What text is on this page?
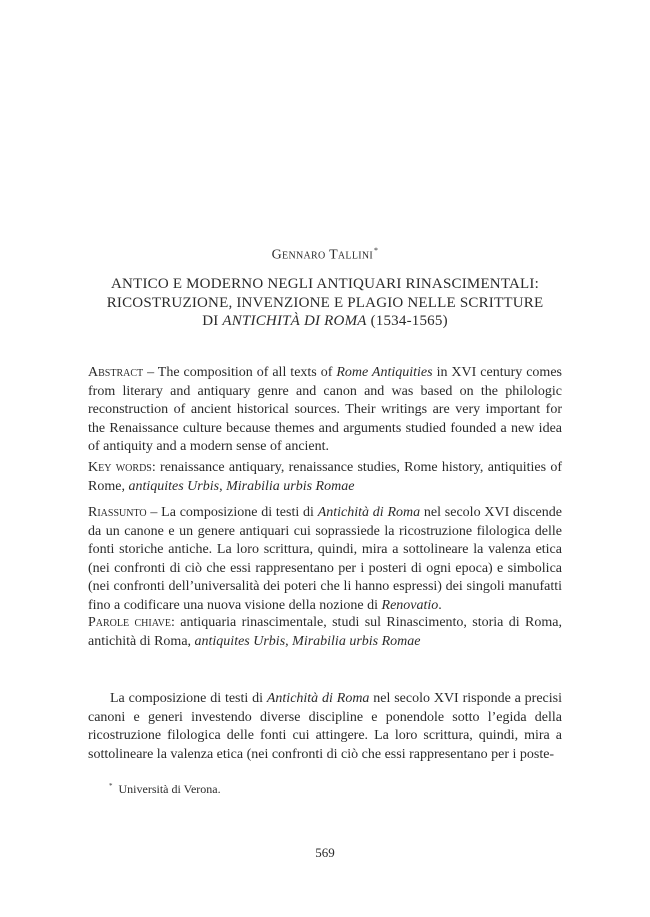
Gennaro Tallini*
ANTICO E MODERNO NEGLI ANTIQUARI RINASCIMENTALI:
RICOSTRUZIONE, INVENZIONE E PLAGIO NELLE SCRITTURE
DI ANTICHITÀ DI ROMA (1534-1565)

Abstract – The composition of all texts of Rome Antiquities in XVI century comes from literary and antiquary genre and canon and was based on the philologic reconstruction of ancient historical sources. Their writings are very important for the Renaissance culture because themes and arguments studied founded a new idea of antiquity and a modern sense of ancient.

Key words: renaissance antiquary, renaissance studies, Rome history, antiquities of Rome, antiquites Urbis, Mirabilia urbis Romae

Riassunto – La composizione di testi di Antichità di Roma nel secolo XVI discende da un canone e un genere antiquari cui soprassiede la ricostruzione filologica delle fonti storiche antiche. La loro scrittura, quindi, mira a sottolineare la valenza etica (nei confronti di ciò che essi rappresentano per i posteri di ogni epoca) e simbolica (nei confronti dell’universalità dei poteri che li hanno espressi) dei singoli manufatti fino a codificare una nuova visione della nozione di Renovatio.

Parole chiave: antiquaria rinascimentale, studi sul Rinascimento, storia di Roma, antichità di Roma, antiquites Urbis, Mirabilia urbis Romae

La composizione di testi di Antichità di Roma nel secolo XVI risponde a precisi canoni e generi investendo diverse discipline e ponendole sotto l’egida della ricostruzione filologica delle fonti cui attingere. La loro scrittura, quindi, mira a sottolineare la valenza etica (nei confronti di ciò che essi rappresentano per i poste-

* Università di Verona.
569
